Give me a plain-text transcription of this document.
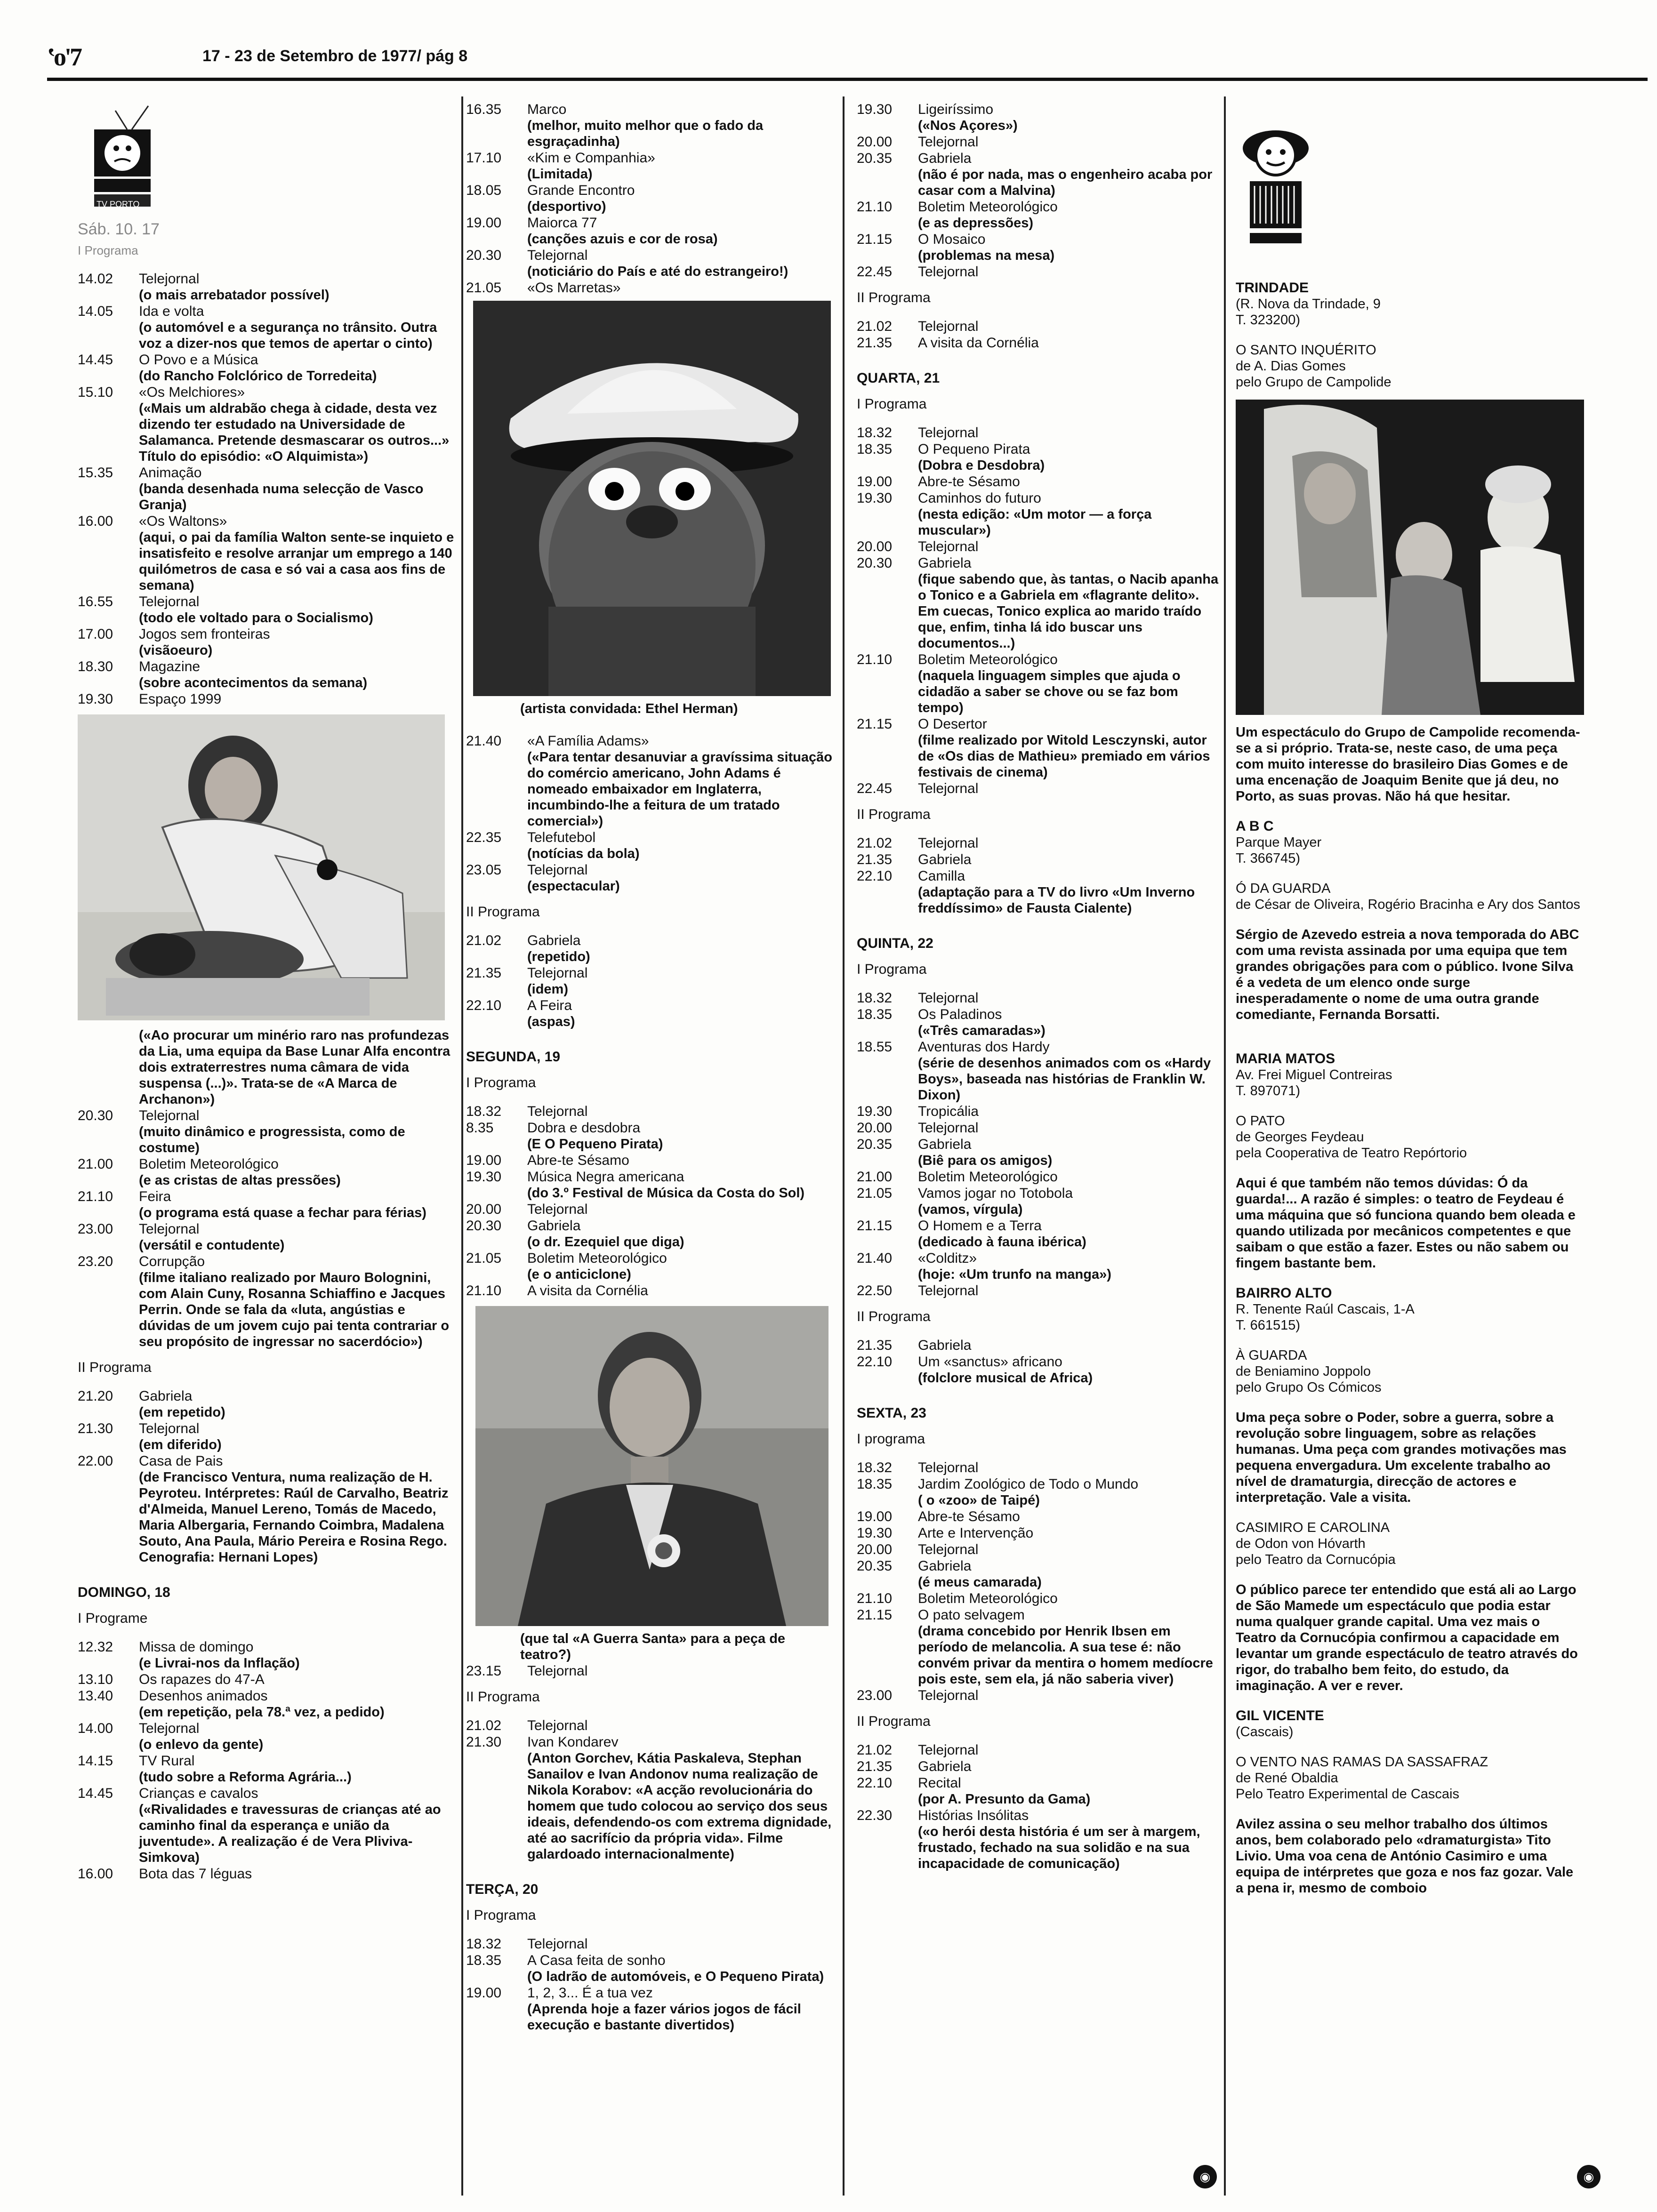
ʽo'7	17 - 23 de Setembro de 1977/ pág 8
TV PORTO
Sáb. 10. 17
I Programa
14.02 Telejornal
(o mais arrebatador possível)
14.05 Ida e volta
(o automóvel e a segurança no trânsito. Outra voz a dizer-nos que temos de apertar o cinto)
14.45 O Povo e a Música
(do Rancho Folclórico de Torredeita)
15.10 «Os Melchiores»
(«Mais um aldrabão chega à cidade, desta vez dizendo ter estudado na Universidade de Salamanca. Pretende desmascarar os outros...» Título do episódio: «O Alquimista»)
15.35 Animação
(banda desenhada numa selecção de Vasco Granja)
16.00 «Os Waltons»
(aqui, o pai da família Walton sente-se inquieto e insatisfeito e resolve arranjar um emprego a 140 quilómetros de casa e só vai a casa aos fins de semana)
16.55 Telejornal
(todo ele voltado para o Socialismo)
17.00 Jogos sem fronteiras
(visãoeuro)
18.30 Magazine
(sobre acontecimentos da semana)
19.30 Espaço 1999
(«Ao procurar um minério raro nas profundezas da Lia, uma equipa da Base Lunar Alfa encontra dois extraterrestres numa câmara de vida suspensa (...)». Trata-se de «A Marca de Archanon»)
20.30 Telejornal
(muito dinâmico e progressista, como de costume)
21.00 Boletim Meteorológico
(e as cristas de altas pressões)
21.10 Feira
(o programa está quase a fechar para férias)
23.00 Telejornal
(versátil e contudente)
23.20 Corrupção
(filme italiano realizado por Mauro Bolognini, com Alain Cuny, Rosanna Schiaffino e Jacques Perrin. Onde se fala da «luta, angústias e dúvidas de um jovem cujo pai tenta contrariar o seu propósito de ingressar no sacerdócio»)
II Programa
21.20 Gabriela
(em repetido)
21.30 Telejornal
(em diferido)
22.00 Casa de Pais
(de Francisco Ventura, numa realização de H. Peyroteu. Intérpretes: Raúl de Carvalho, Beatriz d'Almeida, Manuel Lereno, Tomás de Macedo, Maria Albergaria, Fernando Coimbra, Madalena Souto, Ana Paula, Mário Pereira e Rosina Rego. Cenografia: Hernani Lopes)
DOMINGO, 18
I Programe
12.32 Missa de domingo
(e Livrai-nos da Inflação)
13.10 Os rapazes do 47-A
13.40 Desenhos animados
(em repetição, pela 78.ª vez, a pedido)
14.00 Telejornal
(o enlevo da gente)
14.15 TV Rural
(tudo sobre a Reforma Agrária...)
14.45 Crianças e cavalos
(«Rivalidades e travessuras de crianças até ao caminho final da esperança e união da juventude». A realização é de Vera Pliviva-Simkova)
16.00 Bota das 7 léguas
16.35 Marco
(melhor, muito melhor que o fado da esgraçadinha)
17.10 «Kim e Companhia»
(Limitada)
18.05 Grande Encontro
(desportivo)
19.00 Maiorca 77
(canções azuis e cor de rosa)
20.30 Telejornal
(noticiário do País e até do estrangeiro!)
21.05 «Os Marretas»
(artista convidada: Ethel Herman)
21.40 «A Família Adams»
(«Para tentar desanuviar a gravíssima situação do comércio americano, John Adams é nomeado embaixador em Inglaterra, incumbindo-lhe a feitura de um tratado comercial»)
22.35 Telefutebol
(notícias da bola)
23.05 Telejornal
(espectacular)
II Programa
21.02 Gabriela
(repetido)
21.35 Telejornal
(idem)
22.10 A Feira
(aspas)
SEGUNDA, 19
I Programa
18.32 Telejornal
8.35 Dobra e desdobra
(E O Pequeno Pirata)
19.00 Abre-te Sésamo
19.30 Música Negra americana
(do 3.º Festival de Música da Costa do Sol)
20.00 Telejornal
20.30 Gabriela
(o dr. Ezequiel que diga)
21.05 Boletim Meteorológico
(e o anticiclone)
21.10 A visita da Cornélia
(que tal «A Guerra Santa» para a peça de teatro?)
23.15 Telejornal
II Programa
21.02 Telejornal
21.30 Ivan Kondarev
(Anton Gorchev, Kátia Paskaleva, Stephan Sanailov e Ivan Andonov numa realização de Nikola Korabov: «A acção revolucionária do homem que tudo colocou ao serviço dos seus ideais, defendendo-os com extrema dignidade, até ao sacrifício da própria vida». Filme galardoado internacionalmente)
TERÇA, 20
I Programa
18.32 Telejornal
18.35 A Casa feita de sonho
(O ladrão de automóveis, e O Pequeno Pirata)
19.00 1, 2, 3... É a tua vez
(Aprenda hoje a fazer vários jogos de fácil execução e bastante divertidos)
19.30 Ligeiríssimo
(«Nos Açores»)
20.00 Telejornal
20.35 Gabriela
(não é por nada, mas o engenheiro acaba por casar com a Malvina)
21.10 Boletim Meteorológico
(e as depressões)
21.15 O Mosaico
(problemas na mesa)
22.45 Telejornal
II Programa
21.02 Telejornal
21.35 A visita da Cornélia
QUARTA, 21
I Programa
18.32 Telejornal
18.35 O Pequeno Pirata
(Dobra e Desdobra)
19.00 Abre-te Sésamo
19.30 Caminhos do futuro
(nesta edição: «Um motor — a força muscular»)
20.00 Telejornal
20.30 Gabriela
(fique sabendo que, às tantas, o Nacib apanha o Tonico e a Gabriela em «flagrante delito». Em cuecas, Tonico explica ao marido traído que, enfim, tinha lá ido buscar uns documentos...)
21.10 Boletim Meteorológico
(naquela linguagem simples que ajuda o cidadão a saber se chove ou se faz bom tempo)
21.15 O Desertor
(filme realizado por Witold Lesczynski, autor de «Os dias de Mathieu» premiado em vários festivais de cinema)
22.45 Telejornal
II Programa
21.02 Telejornal
21.35 Gabriela
22.10 Camilla
(adaptação para a TV do livro «Um Inverno freddíssimo» de Fausta Cialente)
QUINTA, 22
I Programa
18.32 Telejornal
18.35 Os Paladinos
(«Três camaradas»)
18.55 Aventuras dos Hardy
(série de desenhos animados com os «Hardy Boys», baseada nas histórias de Franklin W. Dixon)
19.30 Tropicália
20.00 Telejornal
20.35 Gabriela
(Biê para os amigos)
21.00 Boletim Meteorológico
21.05 Vamos jogar no Totobola
(vamos, vírgula)
21.15 O Homem e a Terra
(dedicado à fauna ibérica)
21.40 «Colditz»
(hoje: «Um trunfo na manga»)
22.50 Telejornal
II Programa
21.35 Gabriela
22.10 Um «sanctus» africano
(folclore musical de Africa)
SEXTA, 23
I programa
18.32 Telejornal
18.35 Jardim Zoológico de Todo o Mundo
( o «zoo» de Taipé)
19.00 Abre-te Sésamo
19.30 Arte e Intervenção
20.00 Telejornal
20.35 Gabriela
(é meus camarada)
21.10 Boletim Meteorológico
21.15 O pato selvagem
(drama concebido por Henrik Ibsen em período de melancolia. A sua tese é: não convém privar da mentira o homem medíocre pois este, sem ela, já não saberia viver)
23.00 Telejornal
II Programa
21.02 Telejornal
21.35 Gabriela
22.10 Recital
(por A. Presunto da Gama)
22.30 Histórias Insólitas
(«o herói desta história é um ser à margem, frustado, fechado na sua solidão e na sua incapacidade de comunicação)
◉

TRINDADE

(R. Nova da Trindade, 9

T. 323200)

O SANTO INQUÉRITO

de A. Dias Gomes

pelo Grupo de Campolide

Um espectáculo do Grupo de Campolide recomenda-se a si próprio. Trata-se, neste caso, de uma peça com muito interesse do brasileiro Dias Gomes e de uma encenação de Joaquim Benite que já deu, no Porto, as suas provas. Não há que hesitar.

A B C

Parque Mayer

T. 366745)

Ó DA GUARDA

de César de Oliveira, Rogério Bracinha e Ary dos Santos

Sérgio de Azevedo estreia a nova temporada do ABC com uma revista assinada por uma equipa que tem grandes obrigações para com o público. Ivone Silva é a vedeta de um elenco onde surge inesperadamente o nome de uma outra grande comediante, Fernanda Borsatti.

MARIA MATOS

Av. Frei Miguel Contreiras

T. 897071)

O PATO

de Georges Feydeau

pela Cooperativa de Teatro Repórtorio

Aqui é que também não temos dúvidas: Ó da guarda!... A razão é simples: o teatro de Feydeau é uma máquina que só funciona quando bem oleada e quando utilizada por mecânicos competentes e que saibam o que estão a fazer. Estes ou não sabem ou fingem bastante bem.

BAIRRO ALTO

R. Tenente Raúl Cascais, 1-A

T. 661515)

À GUARDA

de Beniamino Joppolo

pelo Grupo Os Cómicos

Uma peça sobre o Poder, sobre a guerra, sobre a revolução sobre linguagem, sobre as relações humanas. Uma peça com grandes motivações mas pequena envergadura. Um excelente trabalho ao nível de dramaturgia, direcção de actores e interpretação. Vale a visita.

CASIMIRO E CAROLINA

de Odon von Hóvarth

pelo Teatro da Cornucópia

O público parece ter entendido que está ali ao Largo de São Mamede um espectáculo que podia estar numa qualquer grande capital. Uma vez mais o Teatro da Cornucópia confirmou a capacidade em levantar um grande espectáculo de teatro através do rigor, do trabalho bem feito, do estudo, da imaginação. A ver e rever.

GIL VICENTE

(Cascais)

O VENTO NAS RAMAS DA SASSAFRAZ

de René Obaldia

Pelo Teatro Experimental de Cascais

Avilez assina o seu melhor trabalho dos últimos anos, bem colaborado pelo «dramaturgista» Tito Livio. Uma voa cena de António Casimiro e uma equipa de intérpretes que goza e nos faz gozar. Vale a pena ir, mesmo de comboio

◉
